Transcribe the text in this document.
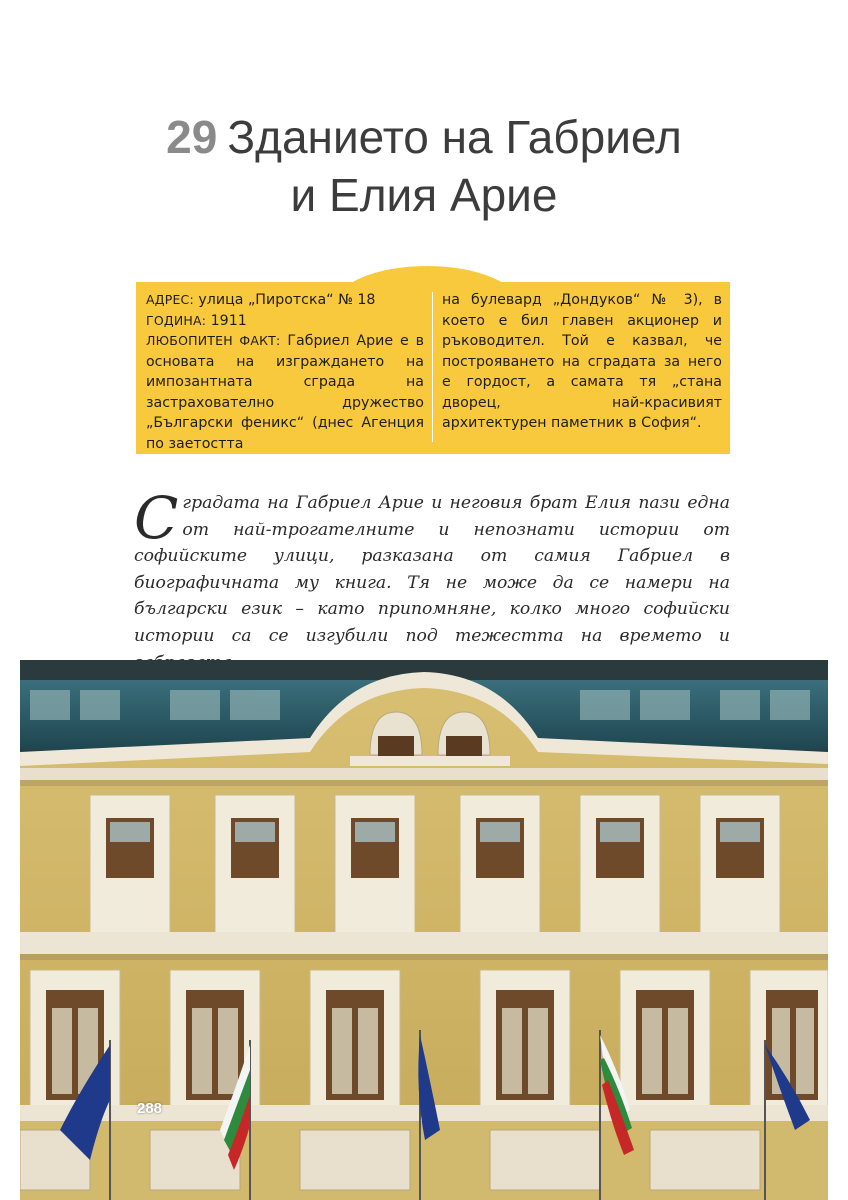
29 Зданието на Габриел
и Елия Арие
АДРЕС: улица „Пиротска“ № 18
ГОДИНА: 1911
ЛЮБОПИТЕН ФАКТ: Габриел Арие е в основата на изграждането на импозантната сграда на застрахователно дружество „Български феникс“ (днес Агенция по заетостта
на булевард „Дондуков“ № 3), в което е бил главен акционер и ръководител. Той е казвал, че построяването на сградата за него е гордост, а самата тя „стана дворец, най-красивият архитектурен паметник в София“.
Сградата на Габриел Арие и неговия брат Елия пази една от най-трогателните и непознати истории от софийските улици, разказана от самия Габриел в биографичната му книга. Тя не може да се намери на български език – като припомняне, колко много софийски истории са се изгубили под тежестта на времето и
288
